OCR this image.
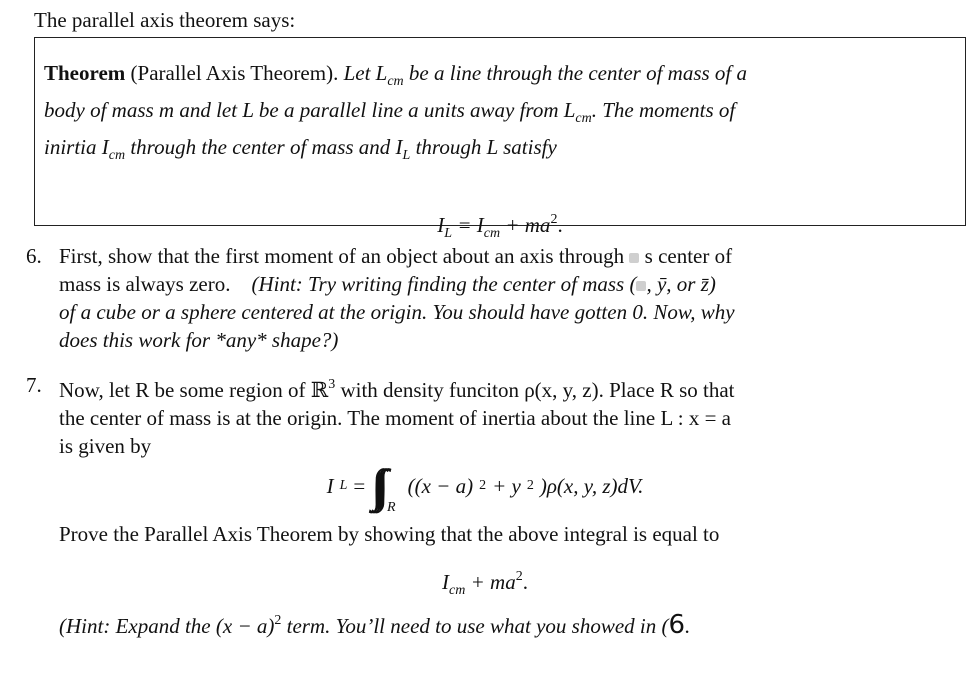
The parallel axis theorem says:
Theorem (Parallel Axis Theorem). Let $L_{cm}$ be a line through the center of mass of a
body of mass m and let L be a parallel line a units away from $L_{cm}$. The moments of
inirtia $I_{cm}$ through the center of mass and $I_L$ through L satisfy
$I_L = I_{cm} + ma^2$.
6. First, show that the first moment of an object about an axis through s center of
mass is always zero. (Hint: Try writing finding the center of mass ( , ȳ, or z̄)
of a cube or a sphere centered at the origin. You should have gotten 0. Now, why
does this work for *any* shape?)
7. Now, let R be some region of ℝ$^3$ with density funciton ρ(x, y, z). Place R so that
the center of mass is at the origin. The moment of inertia about the line L : x = a
is given by
I L = ∫∫∫ R
((x − a) 2 + y 2 )ρ(x, y, z)dV.
Prove the Parallel Axis Theorem by showing that the above integral is equal to
$I_{cm} + ma^2$.
(Hint: Expand the $(x - a)^2$ term. You’ll need to use what you showed in (6.
